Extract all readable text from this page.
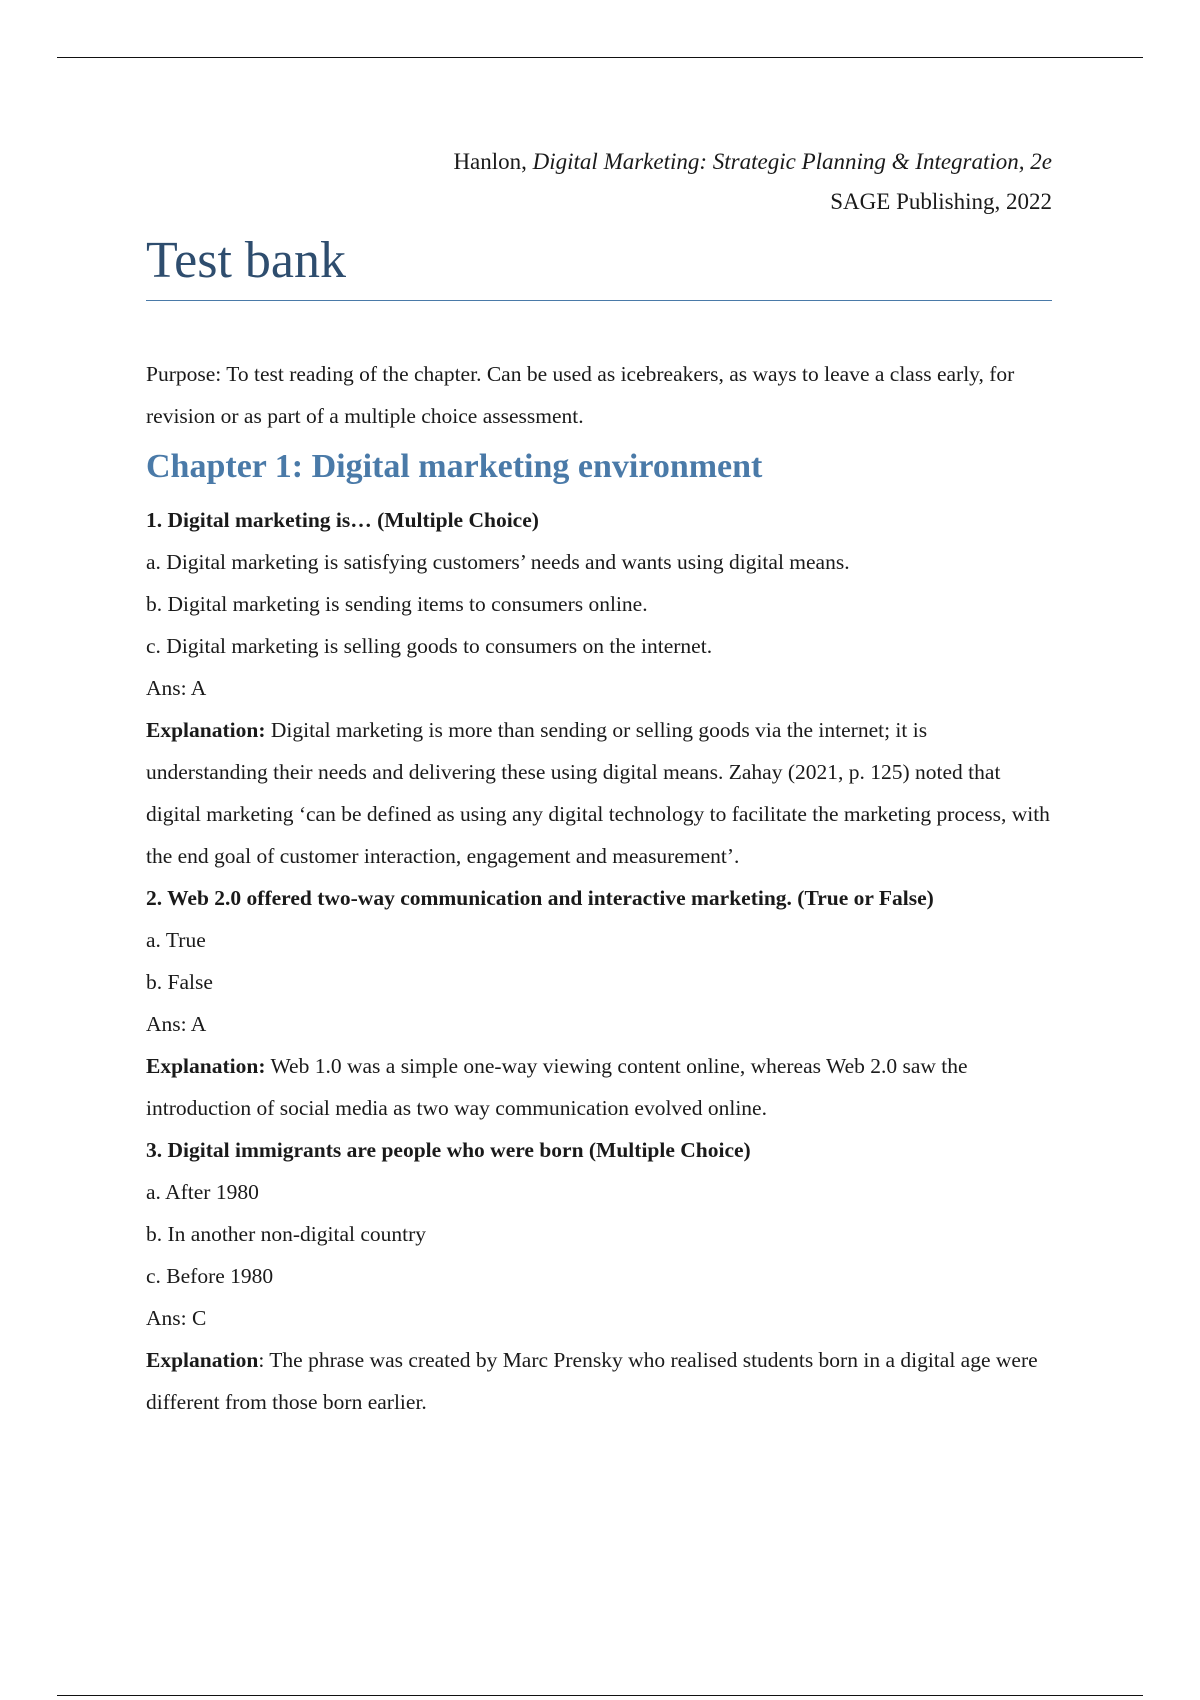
Hanlon, Digital Marketing: Strategic Planning & Integration, 2e
SAGE Publishing, 2022
Test bank

Purpose: To test reading of the chapter. Can be used as icebreakers, as ways to leave a class early, for revision or as part of a multiple choice assessment.

Chapter 1: Digital marketing environment

1. Digital marketing is… (Multiple Choice)

a. Digital marketing is satisfying customers’ needs and wants using digital means.

b. Digital marketing is sending items to consumers online.

c. Digital marketing is selling goods to consumers on the internet.

Ans: A

Explanation: Digital marketing is more than sending or selling goods via the internet; it is understanding their needs and delivering these using digital means. Zahay (2021, p. 125) noted that digital marketing ‘can be defined as using any digital technology to facilitate the marketing process, with the end goal of customer interaction, engagement and measurement’.

2. Web 2.0 offered two-way communication and interactive marketing. (True or False)

a. True

b. False

Ans: A

Explanation: Web 1.0 was a simple one-way viewing content online, whereas Web 2.0 saw the introduction of social media as two way communication evolved online.

3. Digital immigrants are people who were born (Multiple Choice)

a. After 1980

b. In another non-digital country

c. Before 1980

Ans: C

Explanation: The phrase was created by Marc Prensky who realised students born in a digital age were different from those born earlier.
